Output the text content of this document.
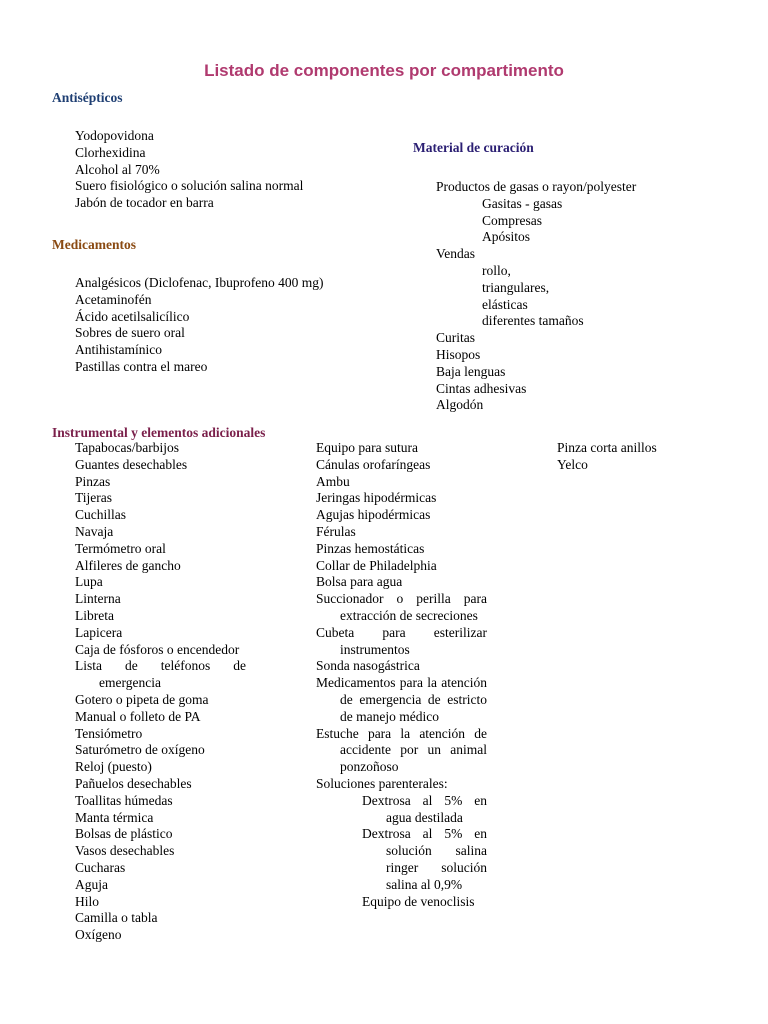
Listado de componentes por compartimento
Antisépticos
Yodopovidona
Clorhexidina
Alcohol al 70%
Suero fisiológico o solución salina normal
Jabón de tocador en barra
Medicamentos
Analgésicos (Diclofenac, Ibuprofeno 400 mg)
Acetaminofén
Ácido acetilsalicílico
Sobres de suero oral
Antihistamínico
Pastillas contra el mareo
Material de curación
Productos de gasas o rayon/polyester
Gasitas - gasas
Compresas
Apósitos
Vendas
rollo,
triangulares,
elásticas
diferentes tamaños
Curitas
Hisopos
Baja lenguas
Cintas adhesivas
Algodón
Instrumental y elementos adicionales
Tapabocas/barbijos
Guantes desechables
Pinzas
Tijeras
Cuchillas
Navaja
Termómetro oral
Alfileres de gancho
Lupa
Linterna
Libreta
Lapicera
Caja de fósforos o encendedor
Lista de teléfonos de emergencia
Gotero o pipeta de goma
Manual o folleto de PA
Tensiómetro
Saturómetro de oxígeno
Reloj (puesto)
Pañuelos desechables
Toallitas húmedas
Manta térmica
Bolsas de plástico
Vasos desechables
Cucharas
Aguja
Hilo
Camilla o tabla
Oxígeno
Equipo para sutura
Cánulas orofaríngeas
Ambu
Jeringas hipodérmicas
Agujas hipodérmicas
Férulas
Pinzas hemostáticas
Collar de Philadelphia
Bolsa para agua
Succionador o perilla para extracción de secreciones
Cubeta para esterilizar instrumentos
Sonda nasogástrica
Medicamentos para la atención de emergencia de estricto de manejo médico
Estuche para la atención de accidente por un animal ponzoñoso
Soluciones parenterales:
Dextrosa al 5% en agua destilada
Dextrosa al 5% en solución salina ringer solución salina al 0,9%
Equipo de venoclisis
Pinza corta anillos
Yelco
